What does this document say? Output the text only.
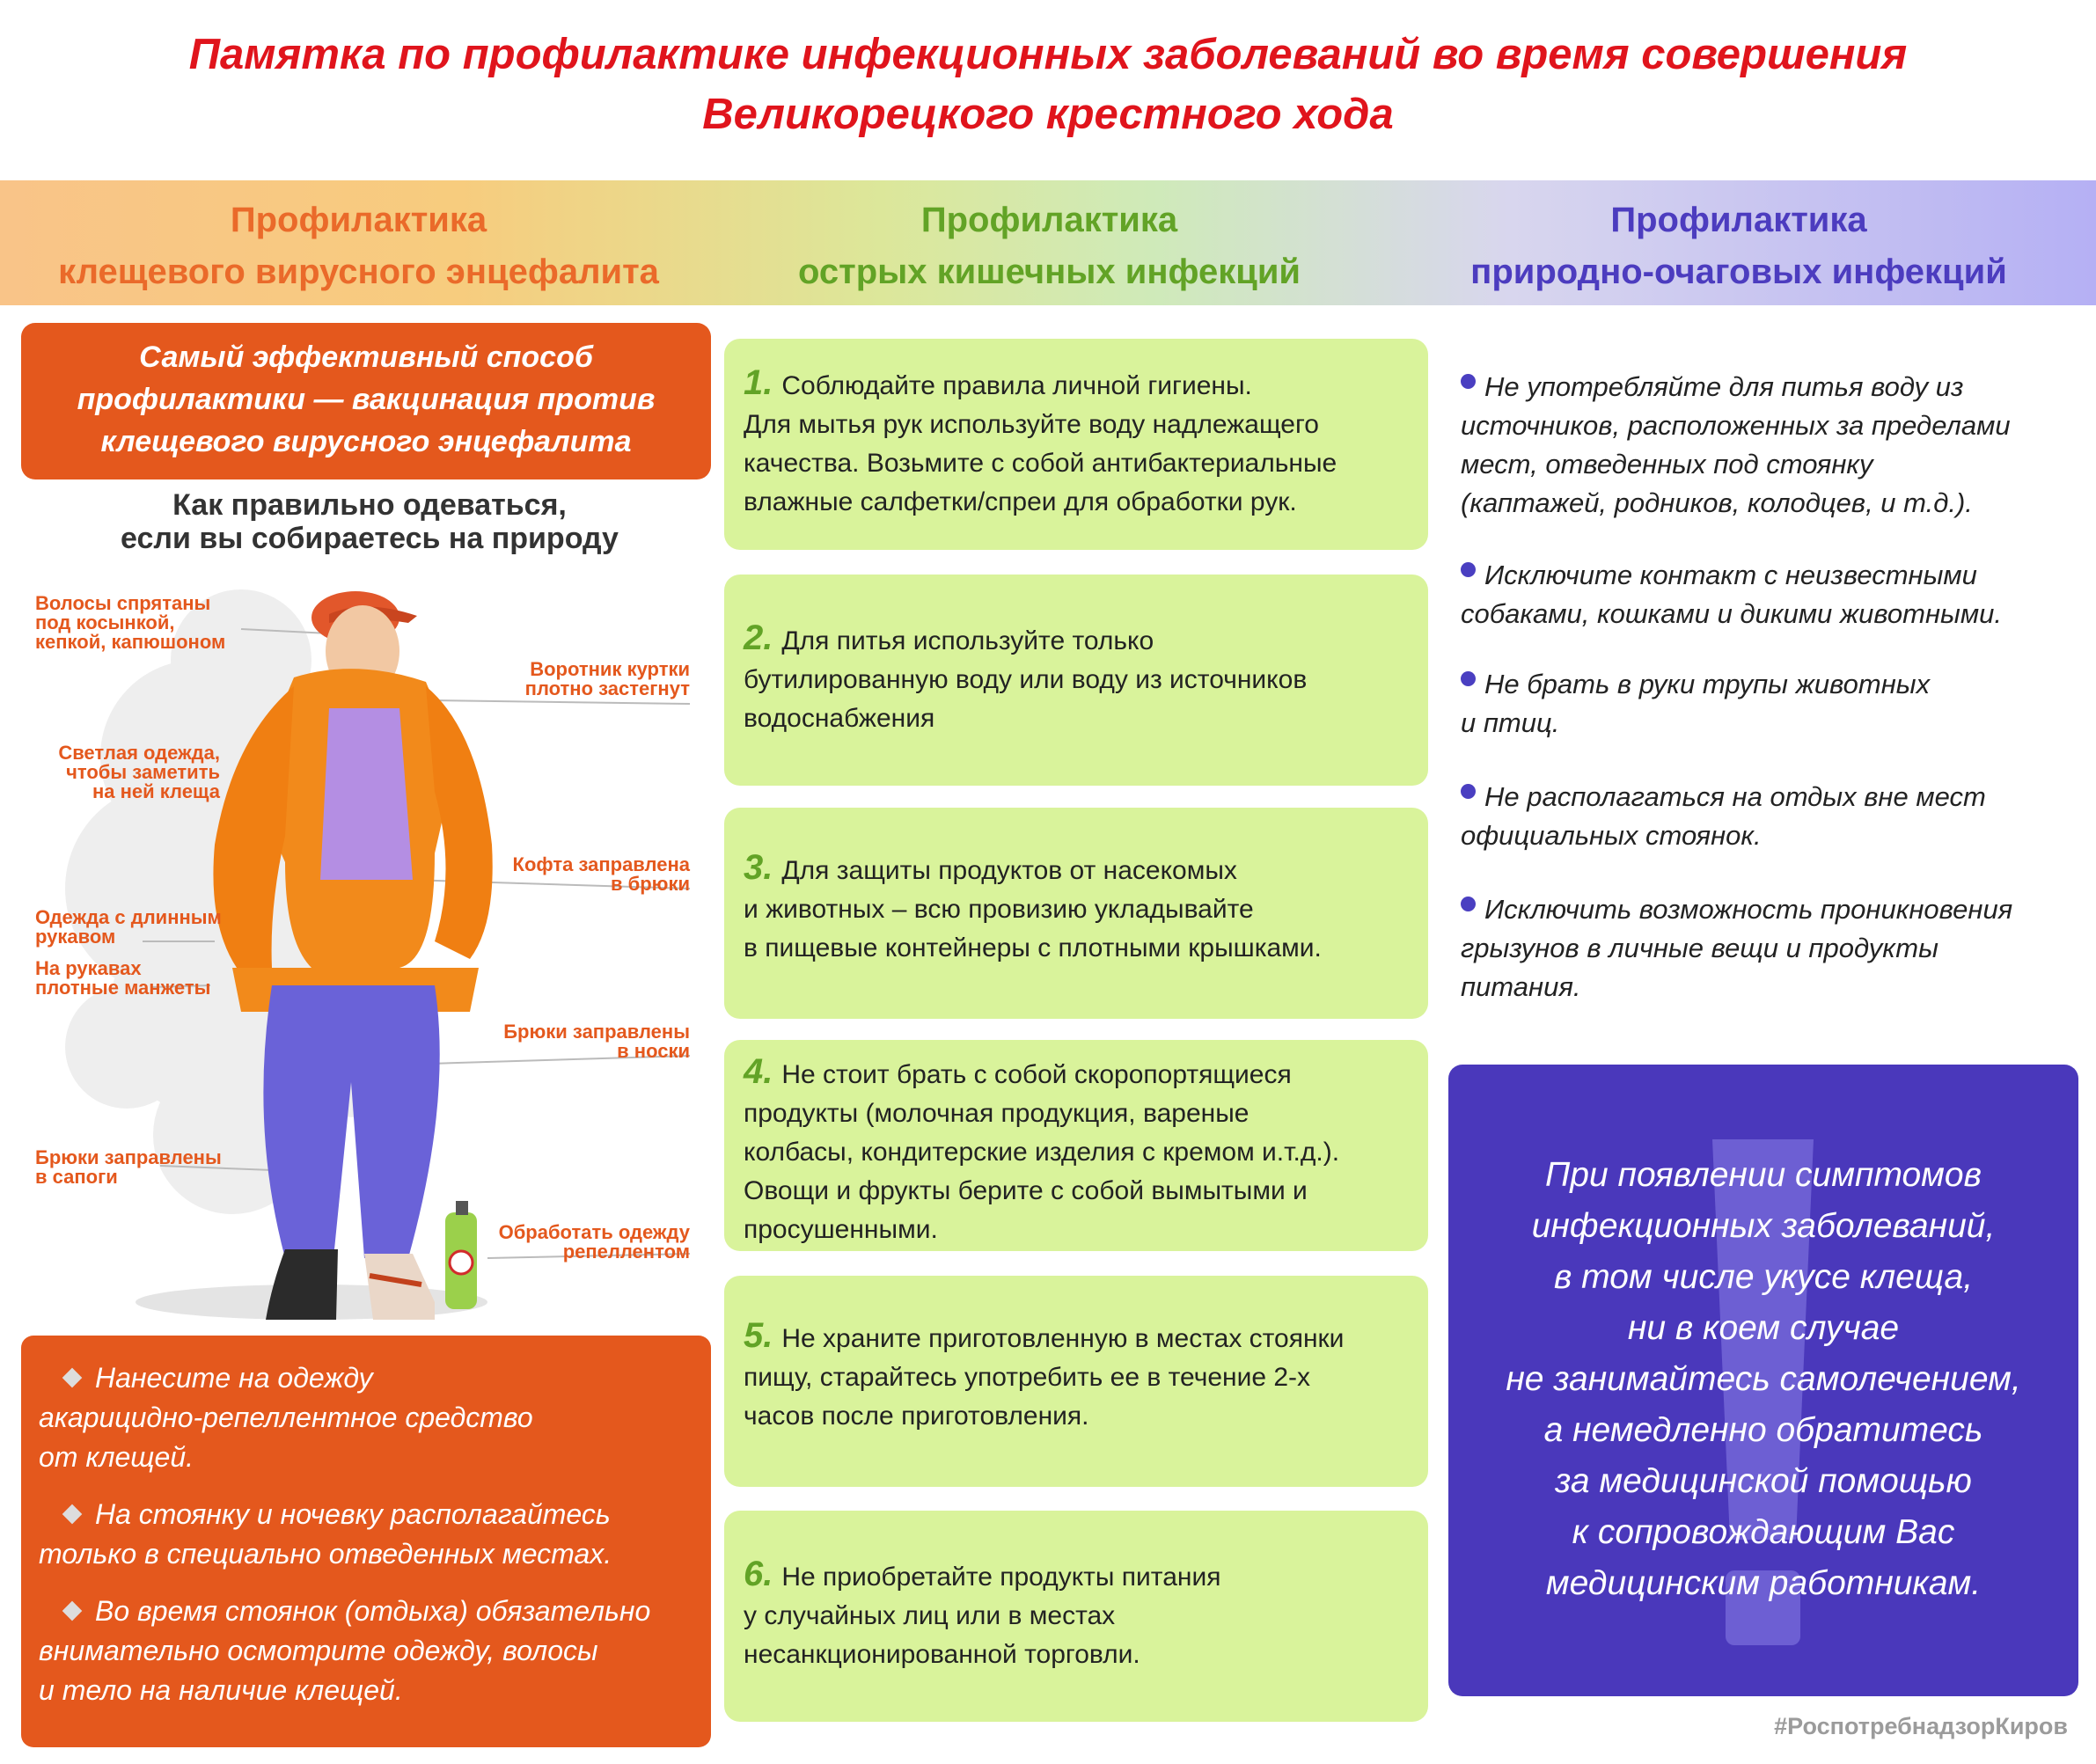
Памятка по профилактике инфекционных заболеваний во время совершения
Великорецкого крестного хода
Профилактика
клещевого вирусного энцефалита
Профилактика
острых кишечных инфекций
Профилактика
природно-очаговых инфекций
Самый эффективный способ
профилактики — вакцинация против
клещевого вирусного энцефалита
Как правильно одеваться,
если вы собираетесь на природу
Волосы спрятаны
под косынкой,
кепкой, капюшоном
Воротник куртки
плотно застегнут
Светлая одежда,
чтобы заметить
на ней клеща
Кофта заправлена
в брюки
Одежда с длинным
рукавом
На рукавах
плотные манжеты
Брюки заправлены
в носки
Брюки заправлены
в сапоги
Обработать одежду
репеллентом
Нанесите на одежду
акарицидно-репеллентное средство
от клещей.
На стоянку и ночевку располагайтесь
только в специально отведенных местах.
Во время стоянок (отдыха) обязательно
внимательно осмотрите одежду, волосы
и тело на наличие клещей.
1. Соблюдайте правила личной гигиены.
Для мытья рук используйте воду надлежащего
качества. Возьмите с собой антибактериальные
влажные салфетки/спреи для обработки рук.
2. Для питья используйте только
бутилированную воду или воду из источников
водоснабжения
3. Для защиты продуктов от насекомых
и животных – всю провизию укладывайте
в пищевые контейнеры с плотными крышками.
4. Не стоит брать с собой скоропортящиеся
продукты (молочная продукция, вареные
колбасы, кондитерские изделия с кремом и.т.д.).
Овощи и фрукты берите с собой вымытыми и
просушенными.
5. Не храните приготовленную в местах стоянки
пищу, старайтесь употребить ее в течение 2-х
часов после приготовления.
6. Не приобретайте продукты питания
у случайных лиц или в местах
несанкционированной торговли.
Не употребляйте для питья воду из
источников, расположенных за пределами
мест, отведенных под стоянку
(каптажей, родников, колодцев, и т.д.).
Исключите контакт с неизвестными
собаками, кошками и дикими животными.
Не брать в руки трупы животных
и птиц.
Не располагаться на отдых вне мест
официальных стоянок.
Исключить возможность проникновения
грызунов в личные вещи и продукты
питания.
При появлении симптомов
инфекционных заболеваний,
в том числе укусе клеща,
ни в коем случае
не занимайтесь самолечением,
а немедленно обратитесь
за медицинской помощью
к сопровождающим Вас
медицинским работникам.
#РоспотребнадзорКиров
